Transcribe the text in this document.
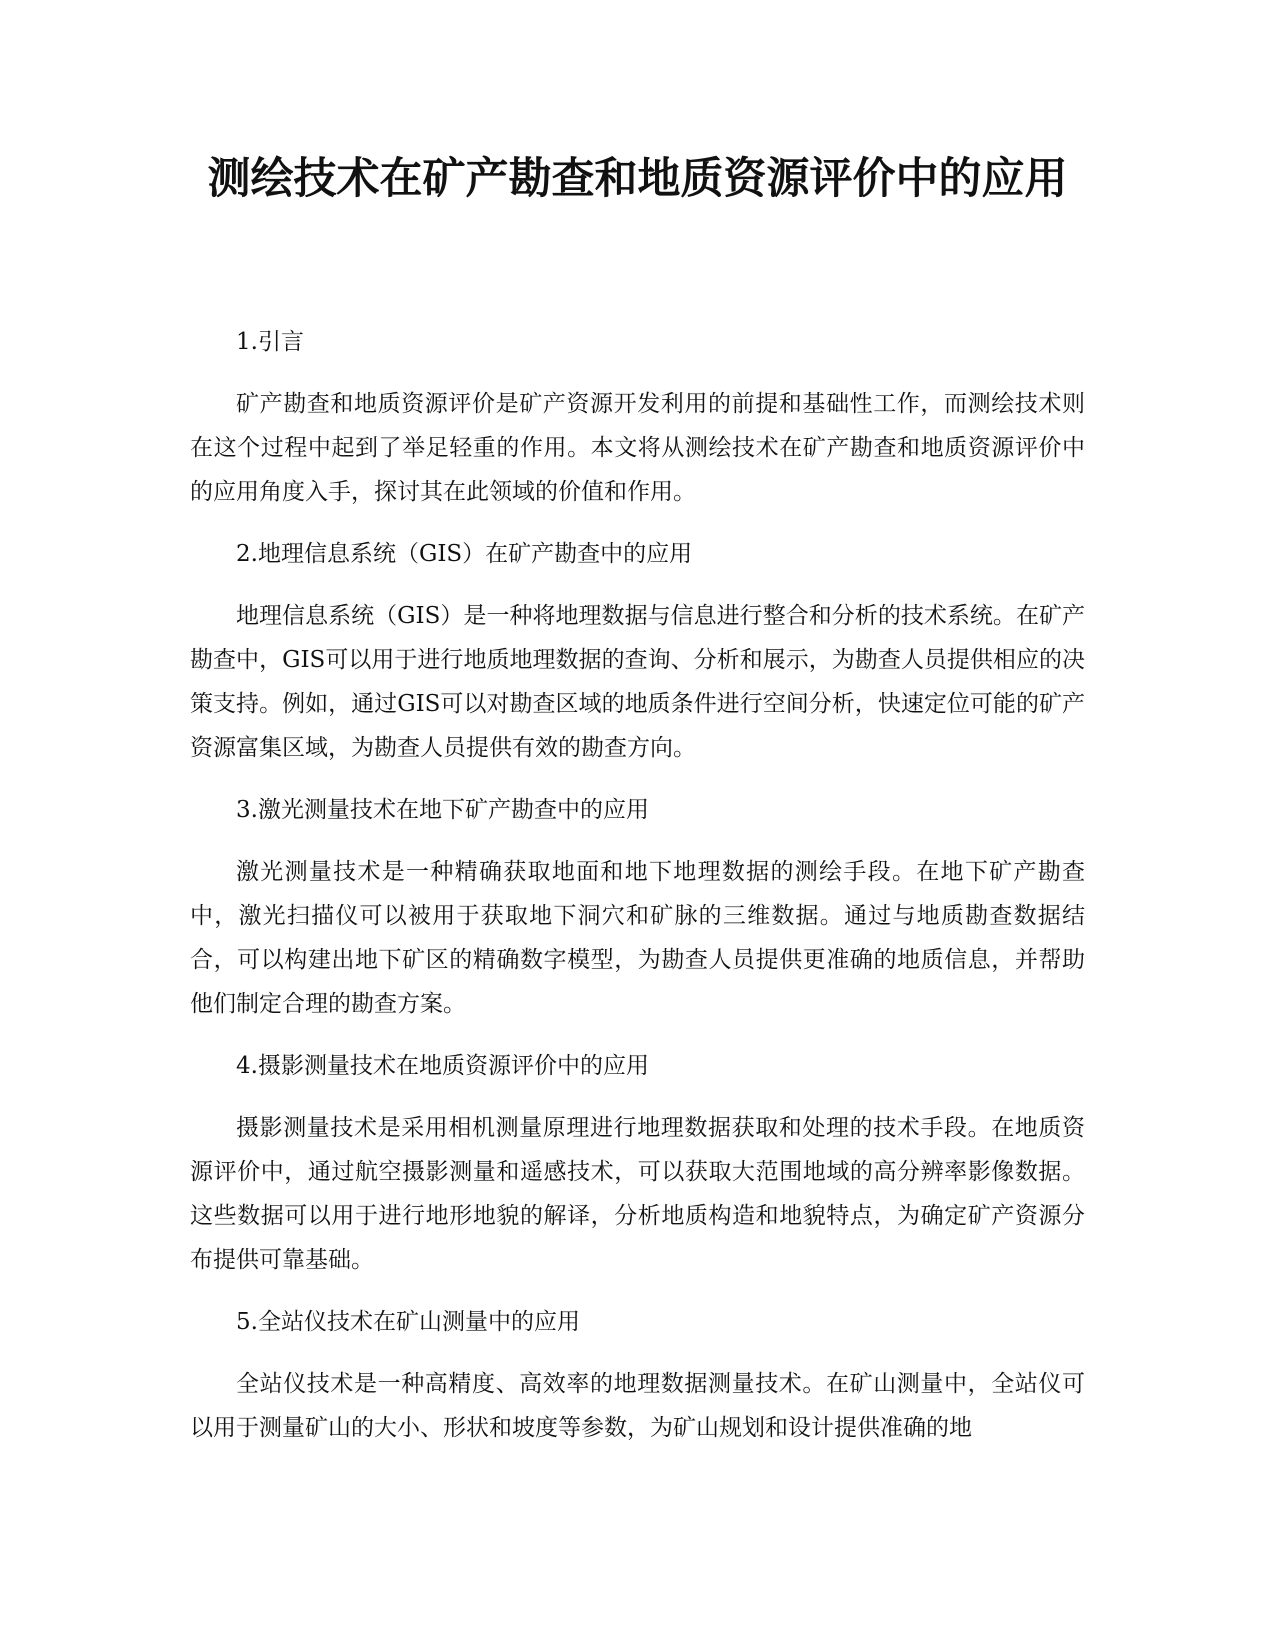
测绘技术在矿产勘查和地质资源评价中的应用

1.引言

矿产勘查和地质资源评价是矿产资源开发利用的前提和基础性工作，而测绘技术则在这个过程中起到了举足轻重的作用。本文将从测绘技术在矿产勘查和地质资源评价中的应用角度入手，探讨其在此领域的价值和作用。

2.地理信息系统（GIS）在矿产勘查中的应用

地理信息系统（GIS）是一种将地理数据与信息进行整合和分析的技术系统。在矿产勘查中，GIS可以用于进行地质地理数据的查询、分析和展示，为勘查人员提供相应的决策支持。例如，通过GIS可以对勘查区域的地质条件进行空间分析，快速定位可能的矿产资源富集区域，为勘查人员提供有效的勘查方向。

3.激光测量技术在地下矿产勘查中的应用

激光测量技术是一种精确获取地面和地下地理数据的测绘手段。在地下矿产勘查中，激光扫描仪可以被用于获取地下洞穴和矿脉的三维数据。通过与地质勘查数据结合，可以构建出地下矿区的精确数字模型，为勘查人员提供更准确的地质信息，并帮助他们制定合理的勘查方案。

4.摄影测量技术在地质资源评价中的应用

摄影测量技术是采用相机测量原理进行地理数据获取和处理的技术手段。在地质资源评价中，通过航空摄影测量和遥感技术，可以获取大范围地域的高分辨率影像数据。这些数据可以用于进行地形地貌的解译，分析地质构造和地貌特点，为确定矿产资源分布提供可靠基础。

5.全站仪技术在矿山测量中的应用

全站仪技术是一种高精度、高效率的地理数据测量技术。在矿山测量中，全站仪可以用于测量矿山的大小、形状和坡度等参数，为矿山规划和设计提供准确的地
